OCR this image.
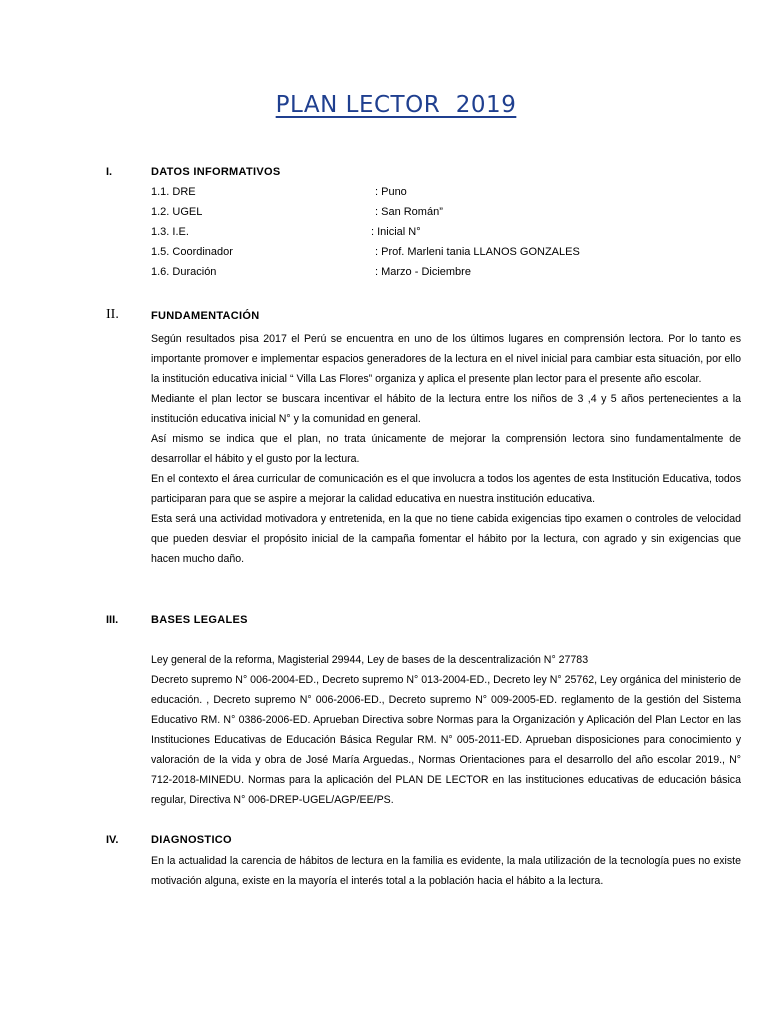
PLAN LECTOR  2019
I.	DATOS INFORMATIVOS
1.1. DRE	: Puno
1.2. UGEL	: San Román”
1.3. I.E.	: Inicial N°
1.5. Coordinador	: Prof. Marleni tania LLANOS GONZALES
1.6. Duración	: Marzo - Diciembre
II.	FUNDAMENTACIÓN

Según resultados pisa 2017 el Perú se encuentra en uno de los últimos lugares en comprensión lectora. Por lo tanto es importante promover e implementar espacios generadores de la lectura en el nivel inicial para cambiar esta situación, por ello la institución educativa inicial “ Villa Las Flores” organiza y aplica el presente plan lector para el presente año escolar.

Mediante el plan lector se buscara incentivar el hábito de la lectura entre los niños de 3 ,4 y 5 años pertenecientes a la institución educativa inicial N° y la comunidad en general.

Así mismo se indica que el plan, no trata únicamente de mejorar la comprensión lectora sino fundamentalmente de desarrollar el hábito y el gusto por la lectura.

En el contexto el área curricular de comunicación es el que involucra a todos los agentes de esta Institución Educativa, todos participaran para que se aspire a mejorar la calidad educativa en nuestra institución educativa.

Esta será una actividad motivadora y entretenida, en la que no tiene cabida exigencias tipo examen o controles de velocidad que pueden desviar el propósito inicial de la campaña fomentar el hábito por la lectura, con agrado y sin exigencias que hacen mucho daño.

III.	BASES LEGALES

Ley general de la reforma, Magisterial 29944, Ley de bases de la descentralización N° 27783

Decreto supremo N° 006-2004-ED., Decreto supremo N° 013-2004-ED., Decreto ley N° 25762, Ley orgánica del ministerio de educación. , Decreto supremo N° 006-2006-ED., Decreto supremo N° 009-2005-ED. reglamento de la gestión del Sistema Educativo RM. N° 0386-2006-ED. Aprueban Directiva sobre Normas para la Organización y Aplicación del Plan Lector en las Instituciones Educativas de Educación Básica Regular RM. N° 005-2011-ED. Aprueban disposiciones para conocimiento y valoración de la vida y obra de José María Arguedas., Normas Orientaciones para el desarrollo del año escolar 2019., N° 712-2018-MINEDU. Normas para la aplicación del PLAN DE LECTOR en las instituciones educativas de educación básica regular, Directiva N° 006-DREP-UGEL/AGP/EE/PS.

IV.	DIAGNOSTICO

En la actualidad la carencia de hábitos de lectura en la familia es evidente, la mala utilización de la tecnología pues no existe motivación alguna, existe en la mayoría el interés total a la población hacia el hábito a la lectura.
